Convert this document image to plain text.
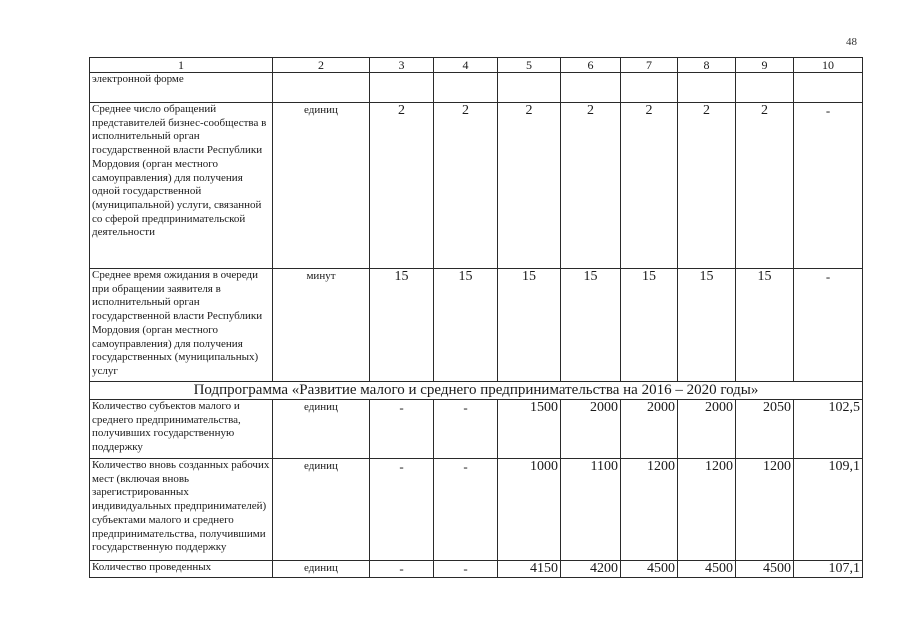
48
1	2	3	4	5	6	7	8	9	10
электронной форме									
Среднее число обращений представителей бизнес-сообщества в исполнительный орган государственной власти Республики Мордовия (орган местного самоуправления) для получения одной государственной (муниципальной) услуги, связанной со сферой предпринимательской деятельности	единиц	2	2	2	2	2	2	2	-
Среднее время ожидания в очереди при обращении заявителя в исполнительный орган государственной власти Республики Мордовия (орган местного самоуправления) для получения государственных (муниципальных) услуг	минут	15	15	15	15	15	15	15	-
Подпрограмма «Развитие малого и среднего предпринимательства на 2016 – 2020 годы»									
Количество субъектов малого и среднего предпринимательства, получивших государственную поддержку	единиц	-	-	1500	2000	2000	2000	2050	102,5
Количество вновь созданных рабочих мест (включая вновь зарегистрированных индивидуальных предпринимателей) субъектами малого и среднего предпринимательства, получившими государственную поддержку	единиц	-	-	1000	1100	1200	1200	1200	109,1
Количество проведенных	единиц	-	-	4150	4200	4500	4500	4500	107,1
